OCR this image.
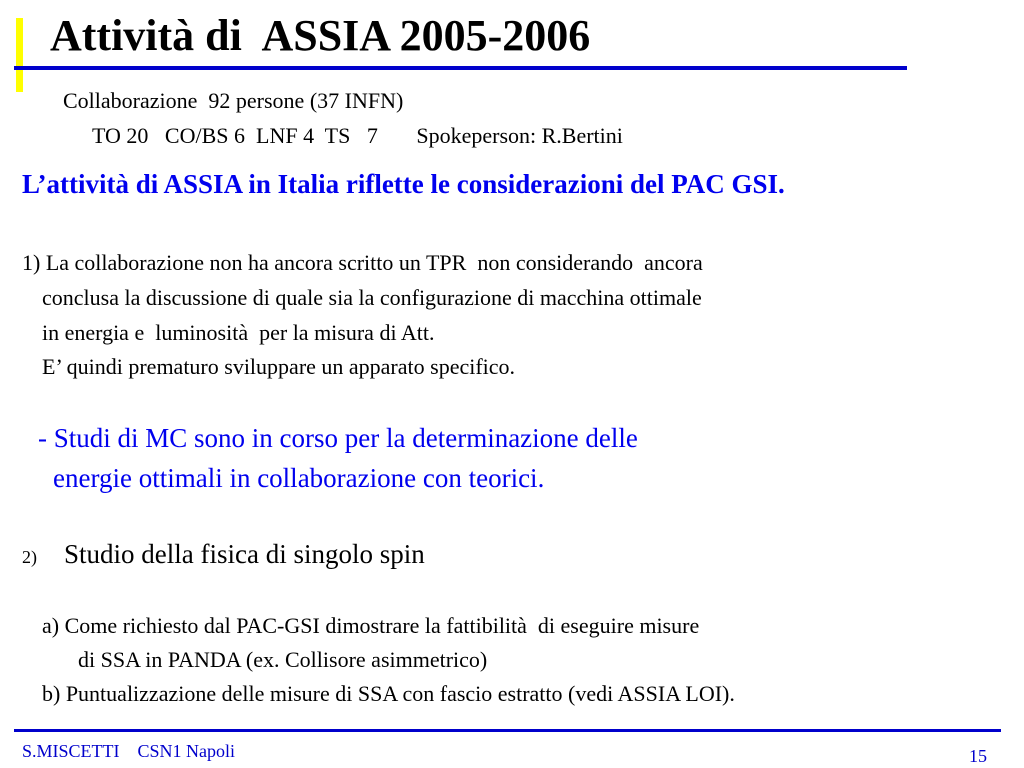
Attività di  ASSIA 2005-2006
Collaborazione  92 persone (37 INFN)
TO 20   CO/BS 6  LNF 4  TS   7       Spokeperson: R.Bertini
L’attività di ASSIA in Italia riflette le considerazioni del PAC GSI.
1) La collaborazione non ha ancora scritto un TPR  non considerando  ancora
conclusa la discussione di quale sia la configurazione di macchina ottimale
in energia e  luminosità  per la misura di Att.
E’ quindi prematuro sviluppare un apparato specifico.
- Studi di MC sono in corso per la determinazione delle
energie ottimali in collaborazione con teorici.
2) Studio della fisica di singolo spin
a) Come richiesto dal PAC-GSI dimostrare la fattibilità  di eseguire misure
di SSA in PANDA (ex. Collisore asimmetrico)
b) Puntualizzazione delle misure di SSA con fascio estratto (vedi ASSIA LOI).
S.MISCETTI    CSN1 Napoli	15
